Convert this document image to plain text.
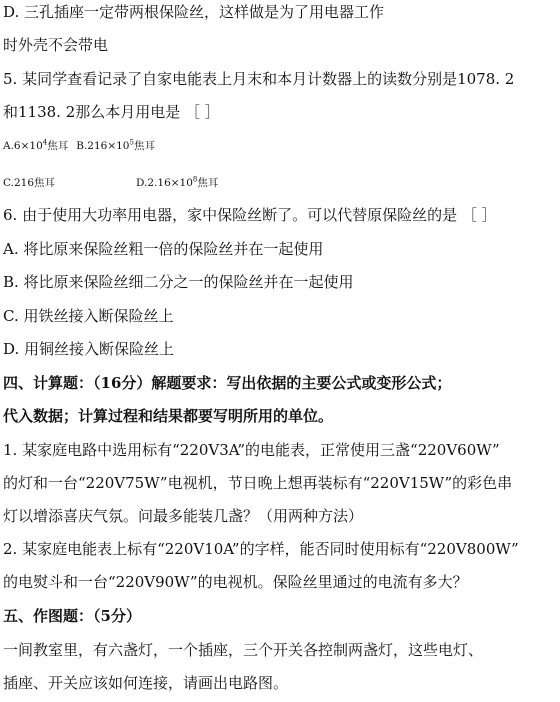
D. 三孔插座一定带两根保险丝，这样做是为了用电器工作
时外壳不会带电
5. 某同学查看记录了自家电能表上月末和本月计数器上的读数分别是1078. 2
和1138. 2那么本月用电是 ［ ］
$A.6\times 10^4$焦耳 $B.216\times 10^5$焦耳
C.216焦耳	$D.2.16\times 10^8$焦耳
6. 由于使用大功率用电器，家中保险丝断了。可以代替原保险丝的是 ［ ］
A. 将比原来保险丝粗一倍的保险丝并在一起使用
B. 将比原来保险丝细二分之一的保险丝并在一起使用
C. 用铁丝接入断保险丝上
D. 用铜丝接入断保险丝上
四、计算题：（16分）解题要求：写出依据的主要公式或变形公式；
代入数据；计算过程和结果都要写明所用的单位。
1. 某家庭电路中选用标有“220V3A”的电能表，正常使用三盏“220V60W”
的灯和一台“220V75W”电视机，节日晚上想再装标有“220V15W”的彩色串
灯以增添喜庆气氛。问最多能装几盏？（用两种方法）
2. 某家庭电能表上标有“220V10A”的字样，能否同时使用标有“220V800W”
的电熨斗和一台“220V90W”的电视机。保险丝里通过的电流有多大？
五、作图题：（5分）
一间教室里，有六盏灯，一个插座，三个开关各控制两盏灯，这些电灯、
插座、开关应该如何连接，请画出电路图。
